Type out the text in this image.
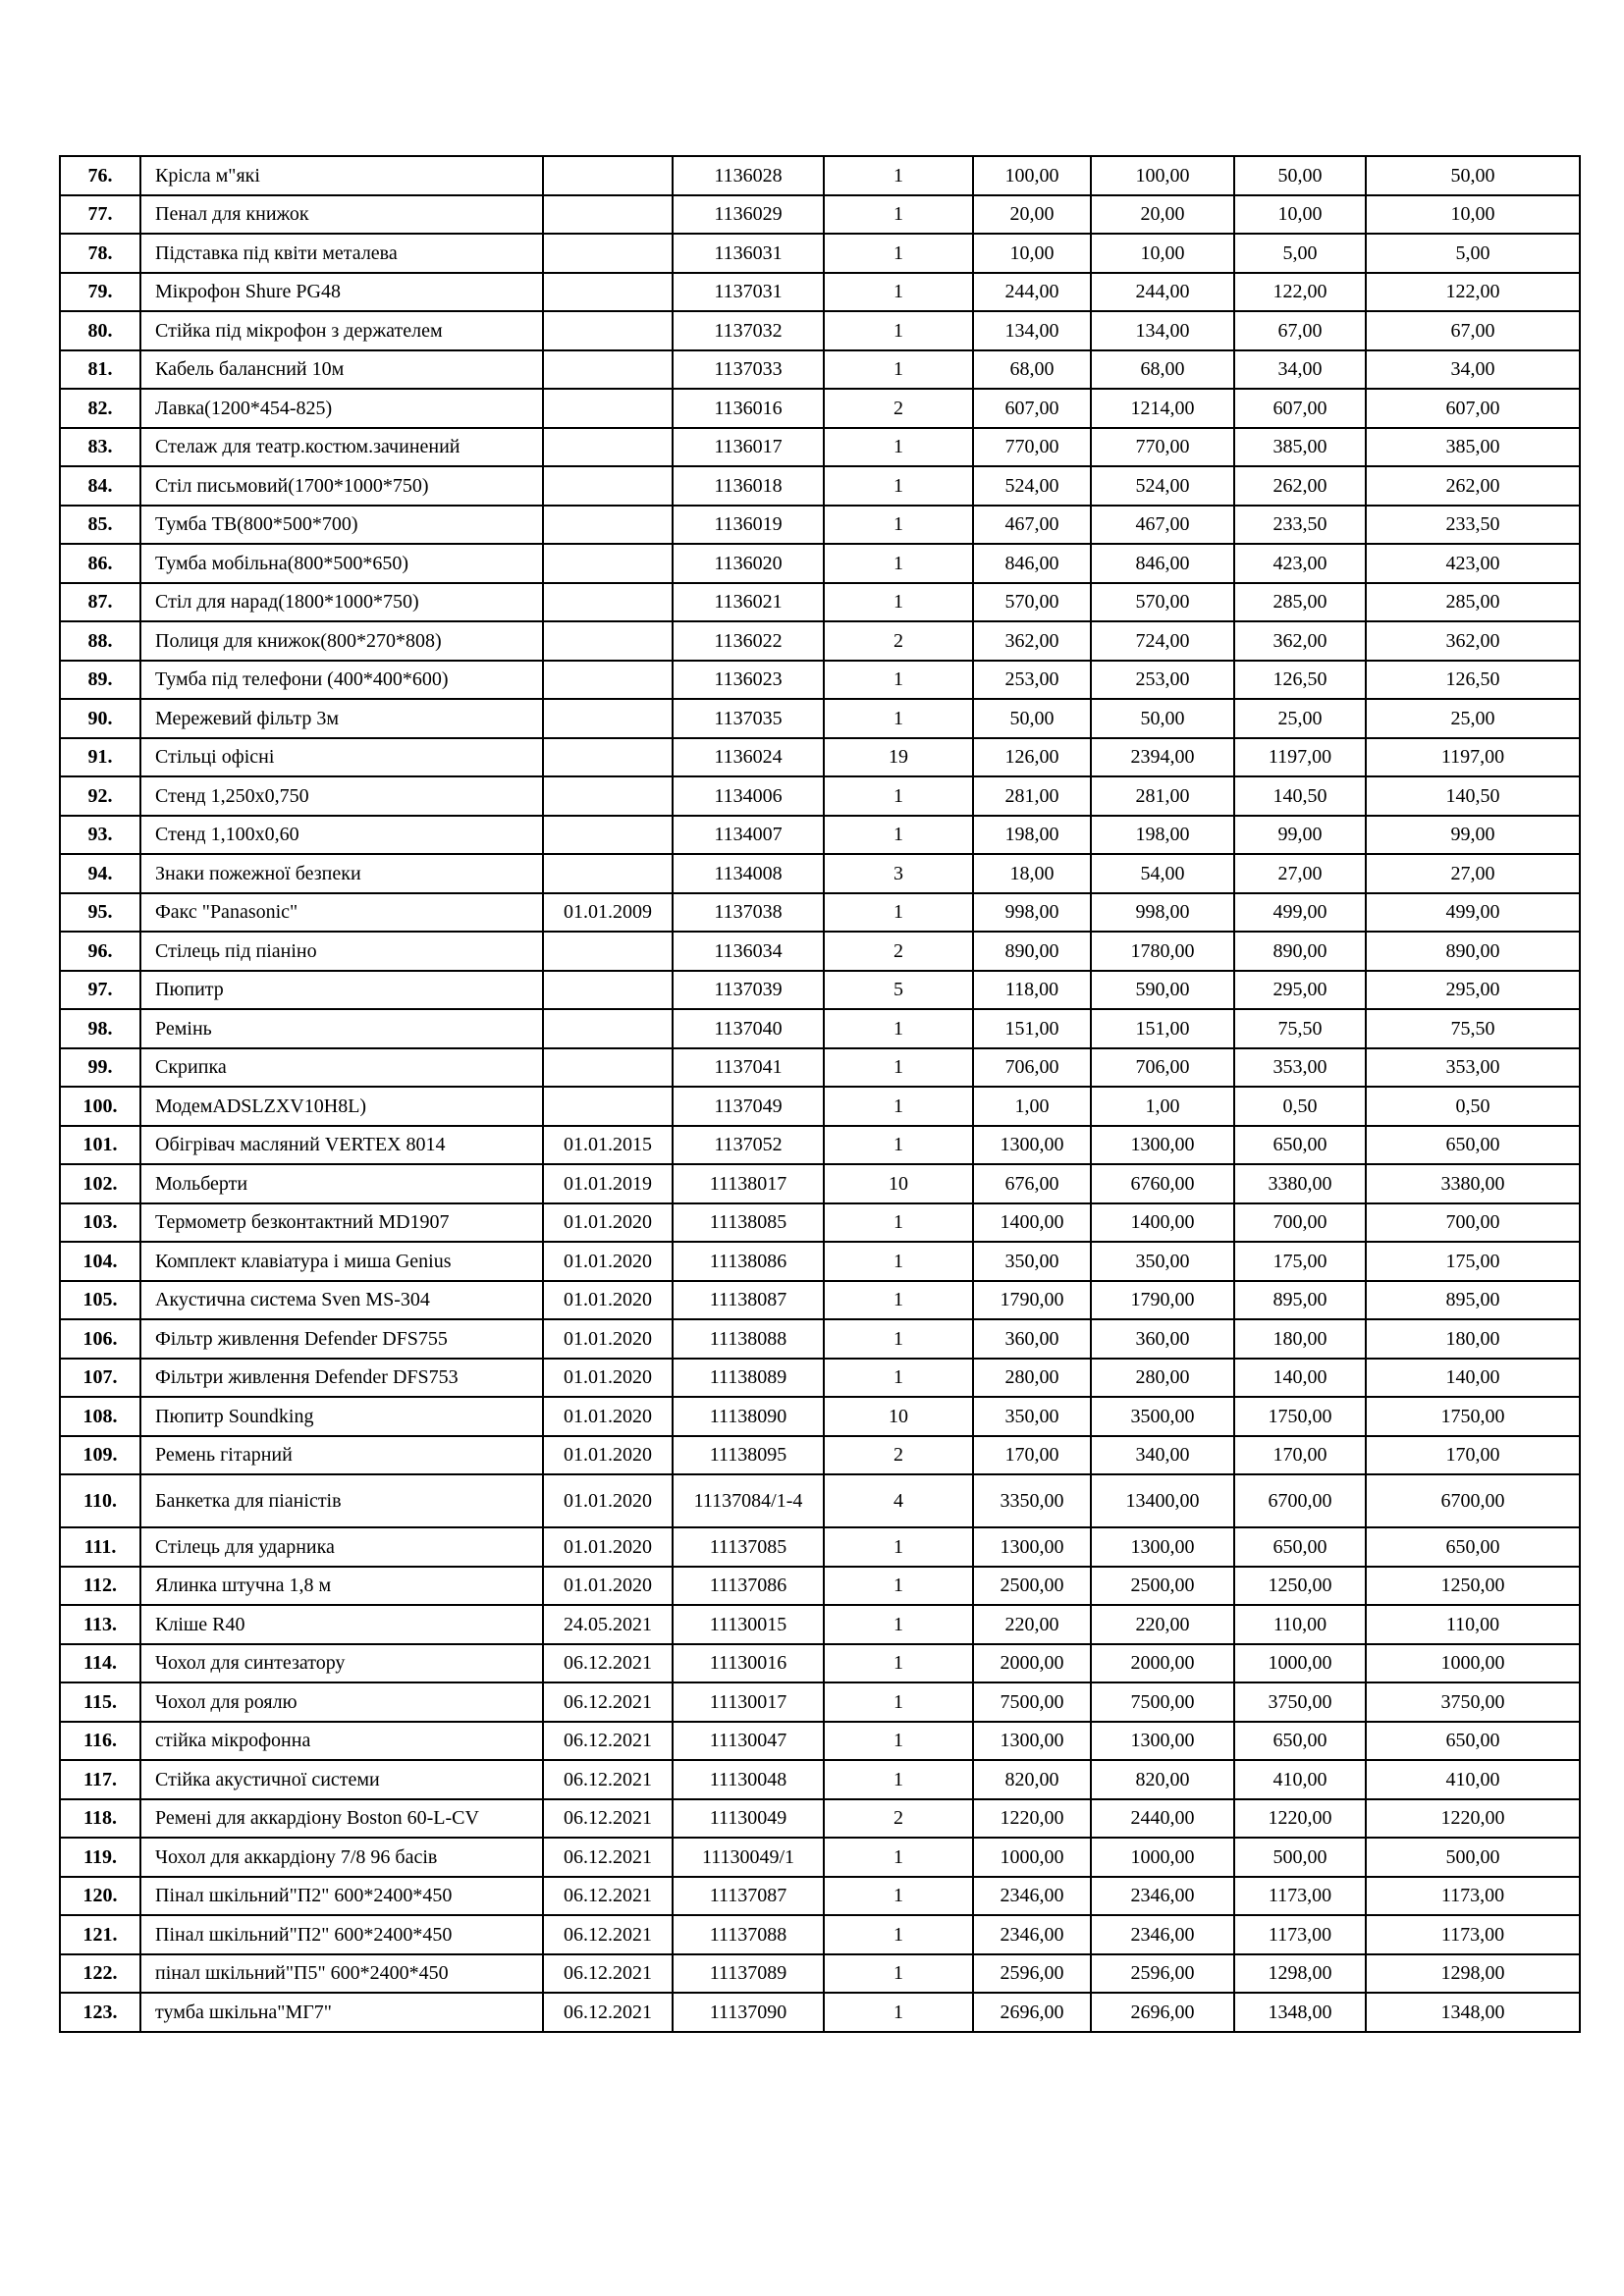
76.	Крісла м"які		1136028	1	100,00	100,00	50,00	50,00
77.	Пенал для книжок		1136029	1	20,00	20,00	10,00	10,00
78.	Підставка під квіти металева		1136031	1	10,00	10,00	5,00	5,00
79.	Мікрофон Shure PG48		1137031	1	244,00	244,00	122,00	122,00
80.	Стійка під мікрофон з держателем		1137032	1	134,00	134,00	67,00	67,00
81.	Кабель балансний 10м		1137033	1	68,00	68,00	34,00	34,00
82.	Лавка(1200*454-825)		1136016	2	607,00	1214,00	607,00	607,00
83.	Стелаж для театр.костюм.зачинений		1136017	1	770,00	770,00	385,00	385,00
84.	Стіл письмовий(1700*1000*750)		1136018	1	524,00	524,00	262,00	262,00
85.	Тумба ТВ(800*500*700)		1136019	1	467,00	467,00	233,50	233,50
86.	Тумба мобільна(800*500*650)		1136020	1	846,00	846,00	423,00	423,00
87.	Стіл для нарад(1800*1000*750)		1136021	1	570,00	570,00	285,00	285,00
88.	Полиця для книжок(800*270*808)		1136022	2	362,00	724,00	362,00	362,00
89.	Тумба під телефони (400*400*600)		1136023	1	253,00	253,00	126,50	126,50
90.	Мережевий фільтр 3м		1137035	1	50,00	50,00	25,00	25,00
91.	Стільці офісні		1136024	19	126,00	2394,00	1197,00	1197,00
92.	Стенд 1,250х0,750		1134006	1	281,00	281,00	140,50	140,50
93.	Стенд 1,100х0,60		1134007	1	198,00	198,00	99,00	99,00
94.	Знаки пожежної безпеки		1134008	3	18,00	54,00	27,00	27,00
95.	Факс "Panasonic"	01.01.2009	1137038	1	998,00	998,00	499,00	499,00
96.	Стілець під піаніно		1136034	2	890,00	1780,00	890,00	890,00
97.	Пюпитр		1137039	5	118,00	590,00	295,00	295,00
98.	Ремінь		1137040	1	151,00	151,00	75,50	75,50
99.	Скрипка		1137041	1	706,00	706,00	353,00	353,00
100.	МодемADSLZXV10H8L)		1137049	1	1,00	1,00	0,50	0,50
101.	Обігрівач масляний VERTEX 8014	01.01.2015	1137052	1	1300,00	1300,00	650,00	650,00
102.	Мольберти	01.01.2019	11138017	10	676,00	6760,00	3380,00	3380,00
103.	Термометр безконтактний MD1907	01.01.2020	11138085	1	1400,00	1400,00	700,00	700,00
104.	Комплект клавіатура і миша Genius	01.01.2020	11138086	1	350,00	350,00	175,00	175,00
105.	Акустична система Sven MS-304	01.01.2020	11138087	1	1790,00	1790,00	895,00	895,00
106.	Фільтр живлення Defender DFS755	01.01.2020	11138088	1	360,00	360,00	180,00	180,00
107.	Фільтри живлення Defender DFS753	01.01.2020	11138089	1	280,00	280,00	140,00	140,00
108.	Пюпитр Soundking	01.01.2020	11138090	10	350,00	3500,00	1750,00	1750,00
109.	Ремень гітарний	01.01.2020	11138095	2	170,00	340,00	170,00	170,00
110.	Банкетка для піаністів	01.01.2020	11137084/1-4	4	3350,00	13400,00	6700,00	6700,00
111.	Стілець для ударника	01.01.2020	11137085	1	1300,00	1300,00	650,00	650,00
112.	Ялинка штучна 1,8 м	01.01.2020	11137086	1	2500,00	2500,00	1250,00	1250,00
113.	Кліше R40	24.05.2021	11130015	1	220,00	220,00	110,00	110,00
114.	Чохол для синтезатору	06.12.2021	11130016	1	2000,00	2000,00	1000,00	1000,00
115.	Чохол для роялю	06.12.2021	11130017	1	7500,00	7500,00	3750,00	3750,00
116.	стійка мікрофонна	06.12.2021	11130047	1	1300,00	1300,00	650,00	650,00
117.	Стійка акустичної системи	06.12.2021	11130048	1	820,00	820,00	410,00	410,00
118.	Ремені для аккардіону Boston 60-L-CV	06.12.2021	11130049	2	1220,00	2440,00	1220,00	1220,00
119.	Чохол для аккардіону 7/8 96 басів	06.12.2021	11130049/1	1	1000,00	1000,00	500,00	500,00
120.	Пінал шкільний"П2" 600*2400*450	06.12.2021	11137087	1	2346,00	2346,00	1173,00	1173,00
121.	Пінал шкільний"П2" 600*2400*450	06.12.2021	11137088	1	2346,00	2346,00	1173,00	1173,00
122.	пінал шкільний"П5" 600*2400*450	06.12.2021	11137089	1	2596,00	2596,00	1298,00	1298,00
123.	тумба шкільна"МГ7"	06.12.2021	11137090	1	2696,00	2696,00	1348,00	1348,00
